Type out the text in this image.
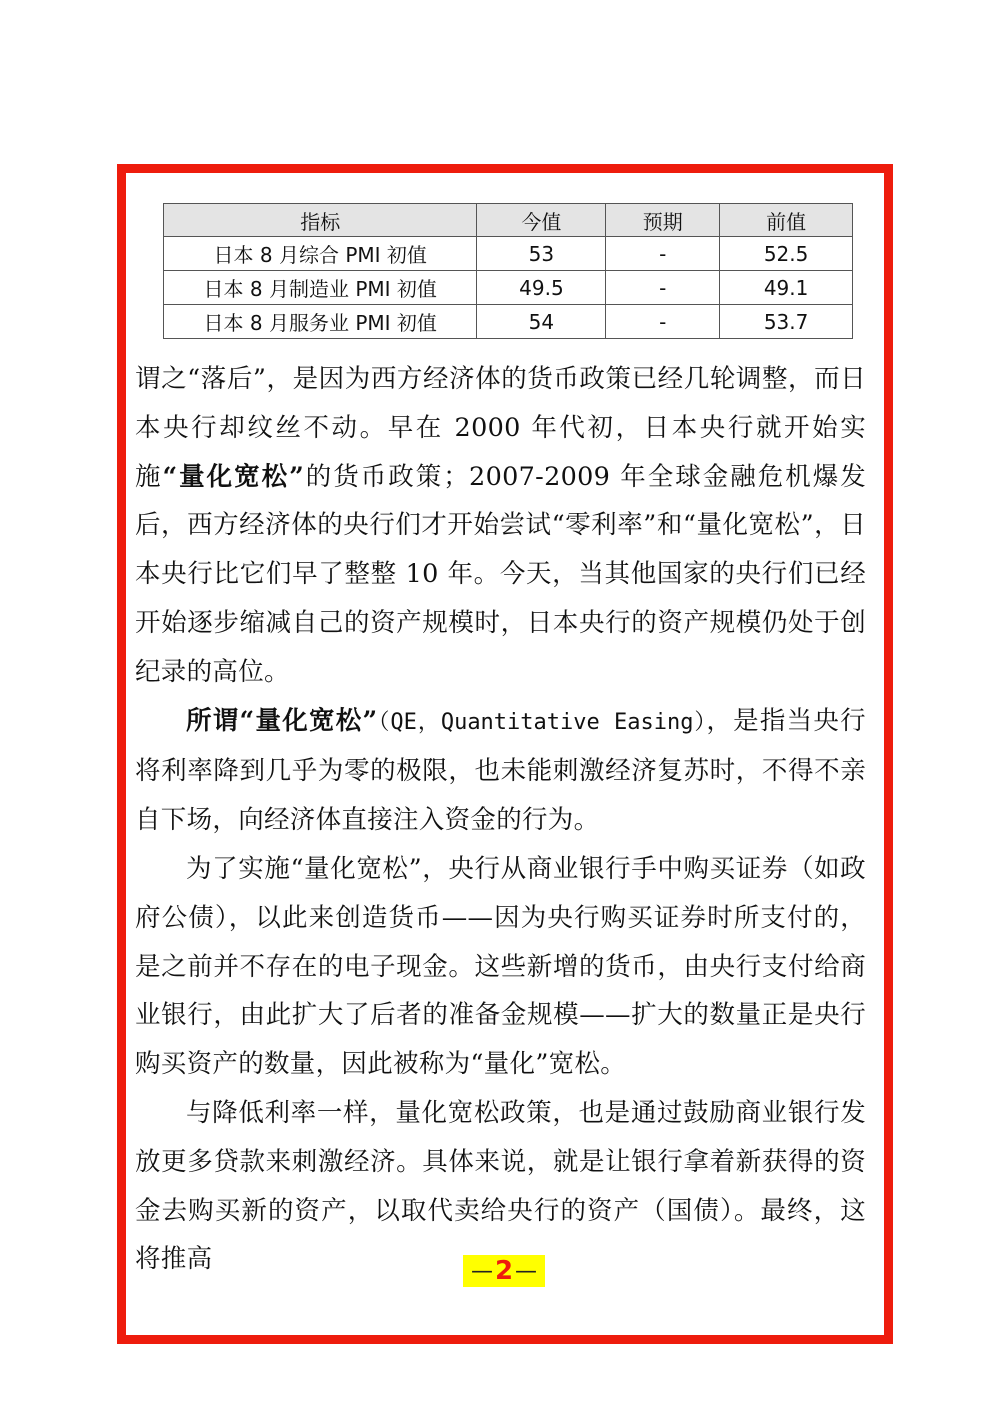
指标	今值	预期	前值
日本 8 月综合 PMI 初值	53	-	52.5
日本 8 月制造业 PMI 初值	49.5	-	49.1
日本 8 月服务业 PMI 初值	54	-	53.7

谓之“落后”，是因为西方经济体的货币政策已经几轮调整，而日本央行却纹丝不动。早在 2000 年代初，日本央行就开始实施“量化宽松”的货币政策；2007-2009 年全球金融危机爆发后，西方经济体的央行们才开始尝试“零利率”和“量化宽松”，日本央行比它们早了整整 10 年。今天，当其他国家的央行们已经开始逐步缩减自己的资产规模时，日本央行的资产规模仍处于创纪录的高位。

所谓“量化宽松”（QE，Quantitative Easing），是指当央行将利率降到几乎为零的极限，也未能刺激经济复苏时，不得不亲自下场，向经济体直接注入资金的行为。

为了实施“量化宽松”，央行从商业银行手中购买证券（如政府公债），以此来创造货币——因为央行购买证券时所支付的，是之前并不存在的电子现金。这些新增的货币，由央行支付给商业银行，由此扩大了后者的准备金规模——扩大的数量正是央行购买资产的数量，因此被称为“量化”宽松。

与降低利率一样，量化宽松政策，也是通过鼓励商业银行发放更多贷款来刺激经济。具体来说，就是让银行拿着新获得的资金去购买新的资产，以取代卖给央行的资产（国债）。最终，这将推高	— 2 —
